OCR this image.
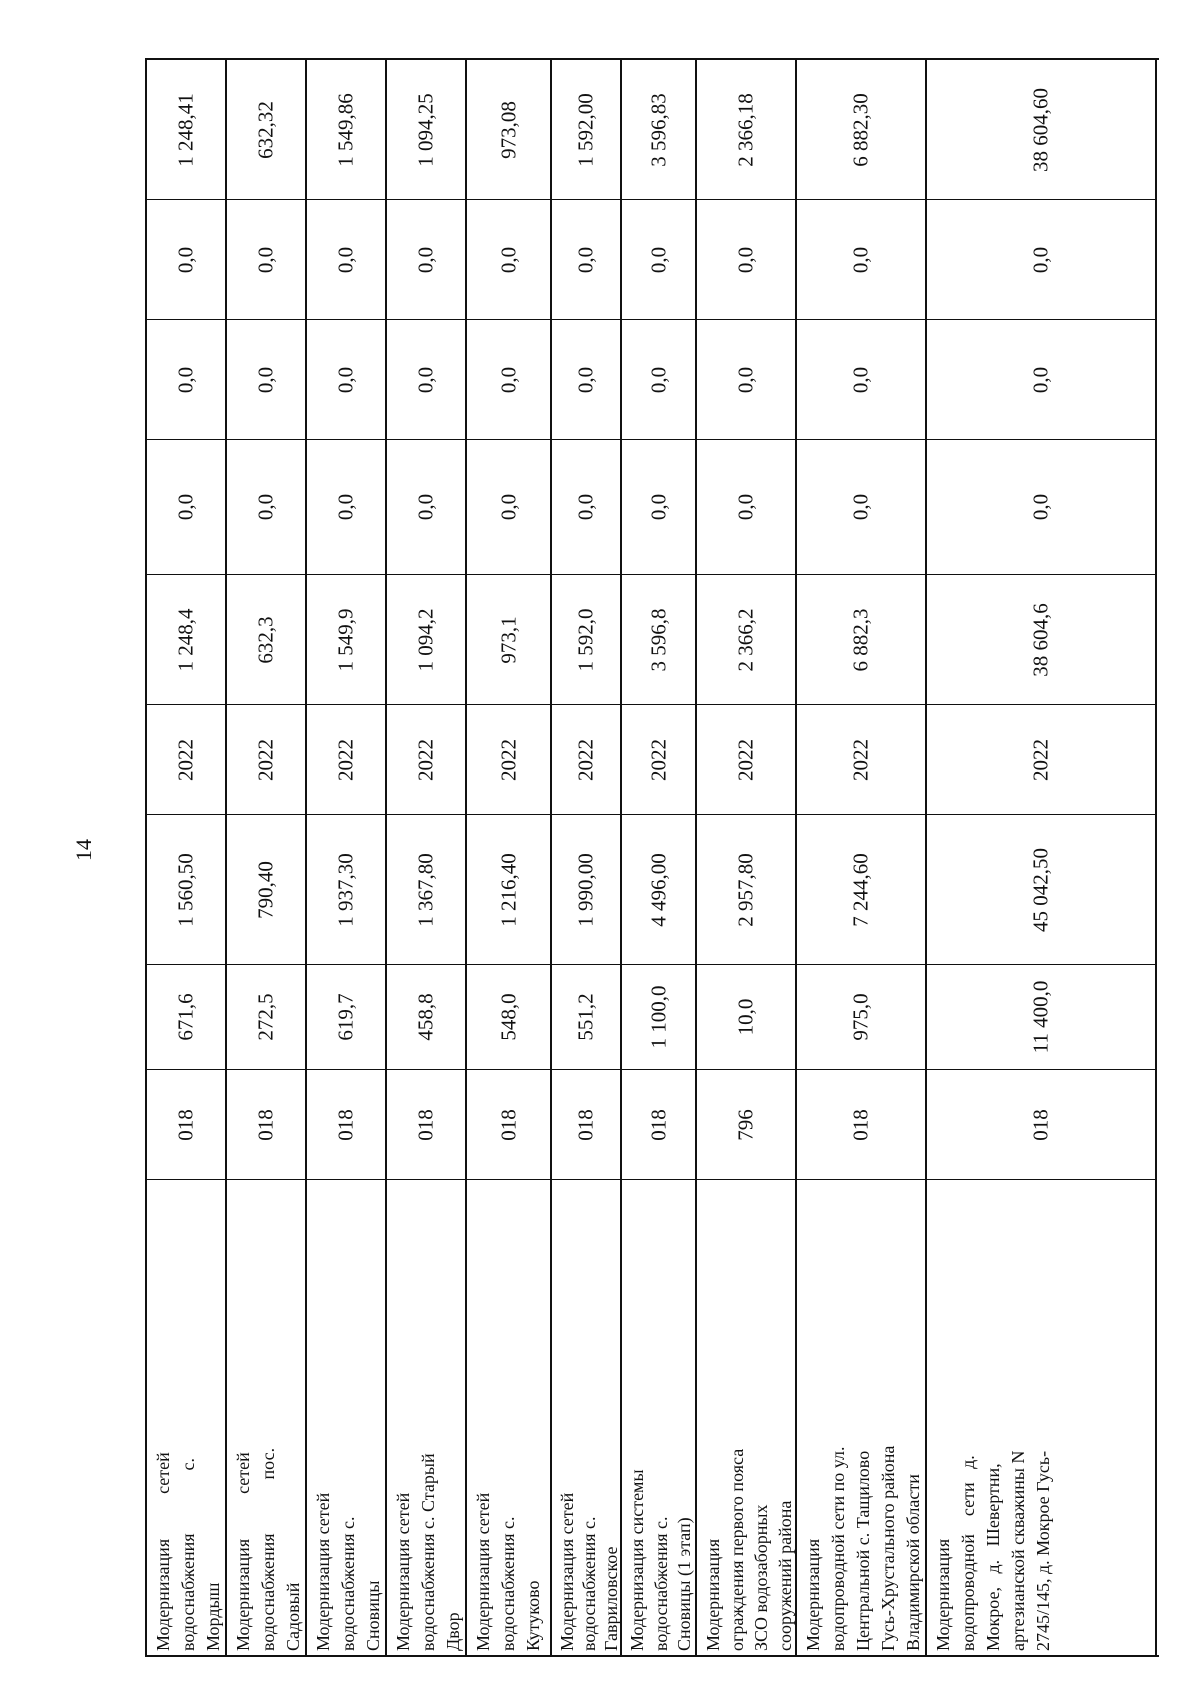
14
1 248,41
0,0
0,0
0,0
1 248,4
2022
1 560,50
671,6
018
Модернизация          сетей водоснабжения              с. Мордыш
632,32
0,0
0,0
0,0
632,3
2022
790,40
272,5
018
Модернизация          сетей водоснабжения            пос. Садовый
1 549,86
0,0
0,0
0,0
1 549,9
2022
1 937,30
619,7
018
Модернизация сетей водоснабжения с. Сновицы
1 094,25
0,0
0,0
0,0
1 094,2
2022
1 367,80
458,8
018
Модернизация сетей водоснабжения с. Старый Двор
973,08
0,0
0,0
0,0
973,1
2022
1 216,40
548,0
018
Модернизация сетей водоснабжения с. Кутуково
1 592,00
0,0
0,0
0,0
1 592,0
2022
1 990,00
551,2
018
Модернизация сетей водоснабжения с. Гавриловское
3 596,83
0,0
0,0
0,0
3 596,8
2022
4 496,00
1 100,0
018
Модернизация системы водоснабжения с. Сновицы (1 этап)
2 366,18
0,0
0,0
0,0
2 366,2
2022
2 957,80
10,0
796
Модернизация ограждения первого пояса ЗСО водозаборных сооружений района
6 882,30
0,0
0,0
0,0
6 882,3
2022
7 244,60
975,0
018
Модернизация водопроводной сети по ул. Центральной с. Тащилово Гусь-Хрустального района Владимирской области
38 604,60
0,0
0,0
0,0
38 604,6
2022
45 042,50
11 400,0
018
Модернизация водопроводной    сети   д. Мокрое,   д.   Шевертни, артезианской скважины N 2745/145, д. Мокрое Гусь-
